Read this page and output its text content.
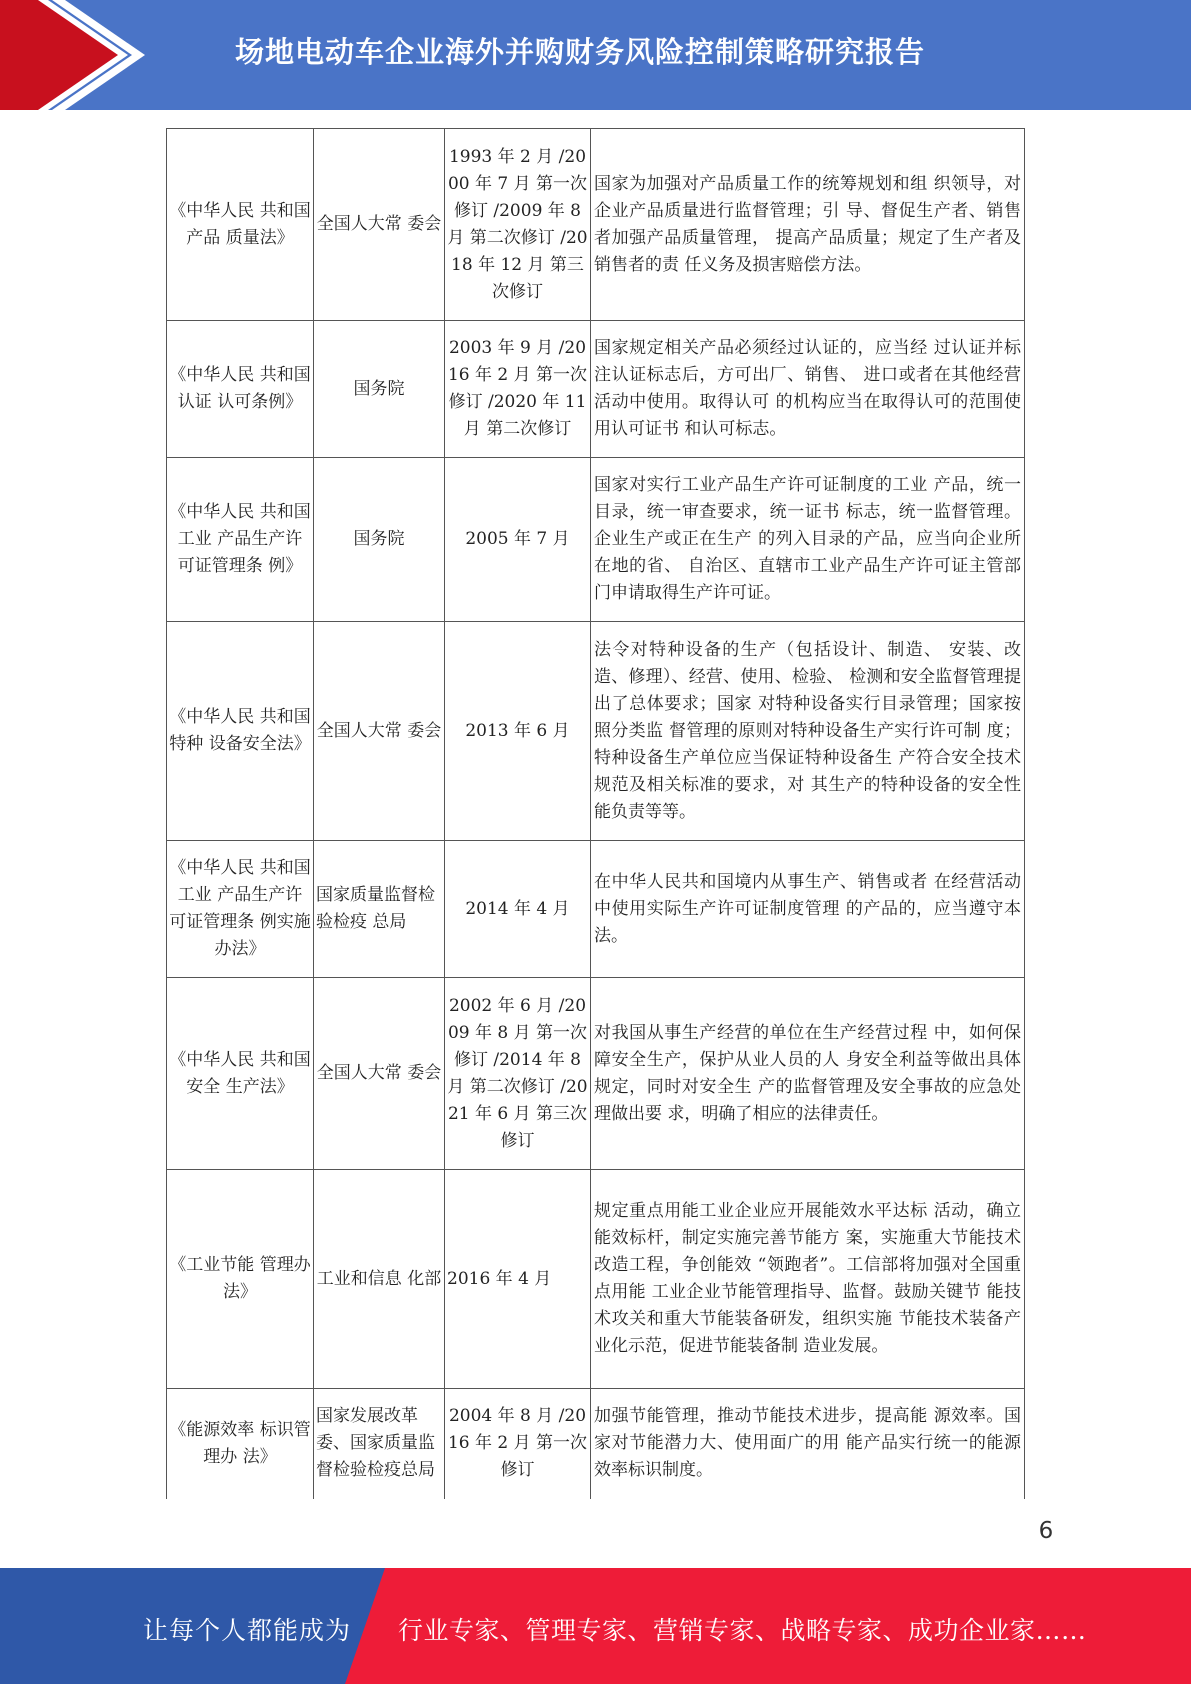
场地电动车企业海外并购财务风险控制策略研究报告
《中华人民 共和国产品 质量法》	全国人大常 委会	1993 年 2 月 /2000 年 7 月 第一次修订 /2009 年 8 月 第二次修订 /2018 年 12 月 第三次修订	国家为加强对产品质量工作的统筹规划和组 织领导，对企业产品质量进行监督管理；引 导、督促生产者、销售者加强产品质量管理， 提高产品质量；规定了生产者及销售者的责 任义务及损害赔偿方法。
《中华人民 共和国认证 认可条例》	国务院	2003 年 9 月 /2016 年 2 月 第一次修订 /2020 年 11 月 第二次修订	国家规定相关产品必须经过认证的，应当经 过认证并标注认证标志后，方可出厂、销售、 进口或者在其他经营活动中使用。取得认可 的机构应当在取得认可的范围使用认可证书 和认可标志。
《中华人民 共和国工业 产品生产许 可证管理条 例》	国务院	2005 年 7 月	国家对实行工业产品生产许可证制度的工业 产品，统一目录，统一审查要求，统一证书 标志，统一监督管理。企业生产或正在生产 的列入目录的产品，应当向企业所在地的省、 自治区、直辖市工业产品生产许可证主管部 门申请取得生产许可证。
《中华人民 共和国特种 设备安全法》	全国人大常 委会	2013 年 6 月	法令对特种设备的生产（包括设计、制造、 安装、改造、修理）、经营、使用、检验、 检测和安全监督管理提出了总体要求；国家 对特种设备实行目录管理；国家按照分类监 督管理的原则对特种设备生产实行许可制 度；特种设备生产单位应当保证特种设备生 产符合安全技术规范及相关标准的要求，对 其生产的特种设备的安全性能负责等等。
《中华人民 共和国工业 产品生产许 可证管理条 例实施办法》	国家质量监督检验检疫 总局	2014 年 4 月	在中华人民共和国境内从事生产、销售或者 在经营活动中使用实际生产许可证制度管理 的产品的，应当遵守本法。
《中华人民 共和国安全 生产法》	全国人大常 委会	2002 年 6 月 /2009 年 8 月 第一次修订 /2014 年 8 月 第二次修订 /2021 年 6 月 第三次修订	对我国从事生产经营的单位在生产经营过程 中，如何保障安全生产，保护从业人员的人 身安全利益等做出具体规定，同时对安全生 产的监督管理及安全事故的应急处理做出要 求，明确了相应的法律责任。
《工业节能 管理办法》	工业和信息 化部	2016 年 4 月	规定重点用能工业企业应开展能效水平达标 活动，确立能效标杆，制定实施完善节能方 案，实施重大节能技术改造工程，争创能效 “领跑者”。工信部将加强对全国重点用能 工业企业节能管理指导、监督。鼓励关键节 能技术攻关和重大节能装备研发，组织实施 节能技术装备产业化示范，促进节能装备制 造业发展。
《能源效率 标识管理办 法》	国家发展改革委、国家质量监督检验检疫总局	2004 年 8 月 /2016 年 2 月 第一次修订	加强节能管理，推动节能技术进步，提高能 源效率。国家对节能潜力大、使用面广的用 能产品实行统一的能源效率标识制度。
6
让每个人都能成为 行业专家、管理专家、营销专家、战略专家、成功企业家……
